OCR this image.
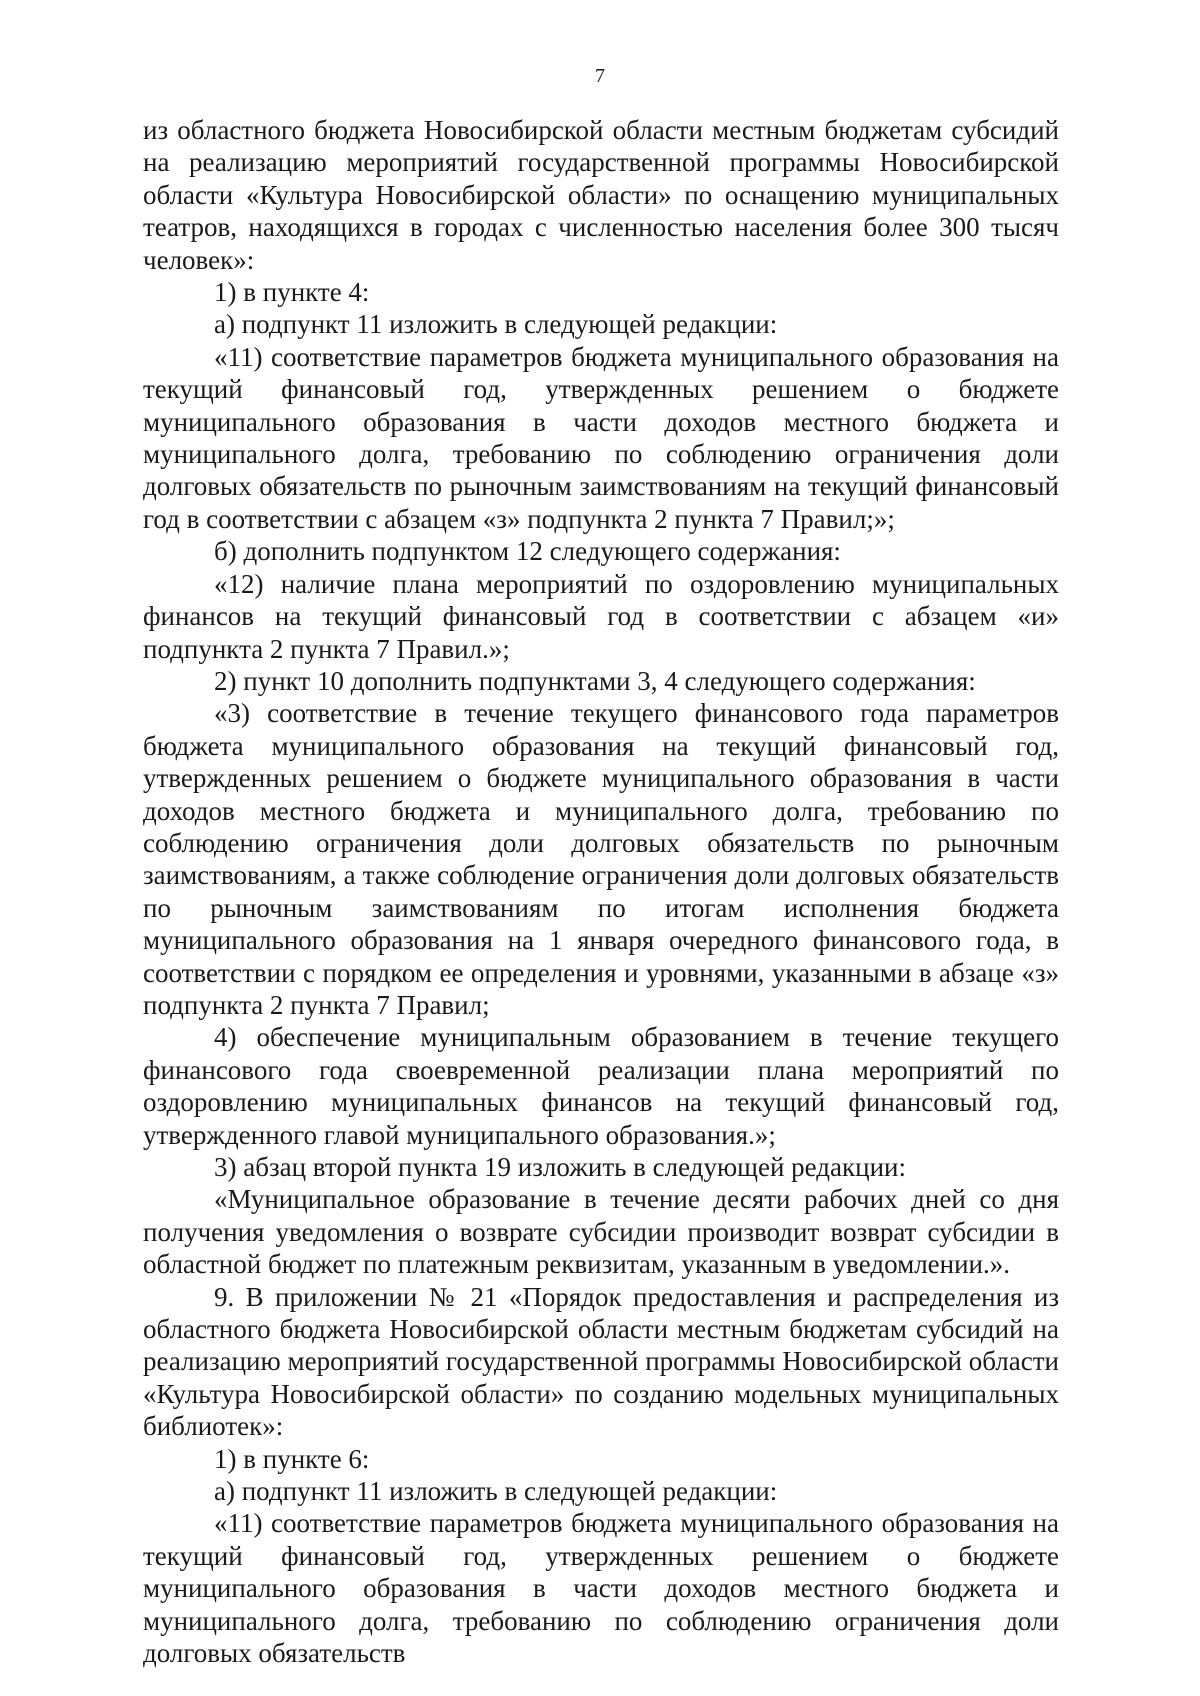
7

из областного бюджета Новосибирской области местным бюджетам субсидий на реализацию мероприятий государственной программы Новосибирской области «Культура Новосибирской области» по оснащению муниципальных театров, находящихся в городах с численностью населения более 300 тысяч человек»:

1) в пункте 4:

а) подпункт 11 изложить в следующей редакции:

«11) соответствие параметров бюджета муниципального образования на текущий финансовый год, утвержденных решением о бюджете муниципального образования в части доходов местного бюджета и муниципального долга, требованию по соблюдению ограничения доли долговых обязательств по рыночным заимствованиям на текущий финансовый год в соответствии с абзацем «з» подпункта 2 пункта 7 Правил;»;

б) дополнить подпунктом 12 следующего содержания:

«12) наличие плана мероприятий по оздоровлению муниципальных финансов на текущий финансовый год в соответствии с абзацем «и» подпункта 2 пункта 7 Правил.»;

2) пункт 10 дополнить подпунктами 3, 4 следующего содержания:

«3) соответствие в течение текущего финансового года параметров бюджета муниципального образования на текущий финансовый год, утвержденных решением о бюджете муниципального образования в части доходов местного бюджета и муниципального долга, требованию по соблюдению ограничения доли долговых обязательств по рыночным заимствованиям, а также соблюдение ограничения доли долговых обязательств по рыночным заимствованиям по итогам исполнения бюджета муниципального образования на 1 января очередного финансового года, в соответствии с порядком ее определения и уровнями, указанными в абзаце «з» подпункта 2 пункта 7 Правил;

4) обеспечение муниципальным образованием в течение текущего финансового года своевременной реализации плана мероприятий по оздоровлению муниципальных финансов на текущий финансовый год, утвержденного главой муниципального образования.»;

3) абзац второй пункта 19 изложить в следующей редакции:

«Муниципальное образование в течение десяти рабочих дней со дня получения уведомления о возврате субсидии производит возврат субсидии в областной бюджет по платежным реквизитам, указанным в уведомлении.».

9. В приложении № 21 «Порядок предоставления и распределения из областного бюджета Новосибирской области местным бюджетам субсидий на реализацию мероприятий государственной программы Новосибирской области «Культура Новосибирской области» по созданию модельных муниципальных библиотек»:

1) в пункте 6:

а) подпункт 11 изложить в следующей редакции:

«11) соответствие параметров бюджета муниципального образования на текущий финансовый год, утвержденных решением о бюджете муниципального образования в части доходов местного бюджета и муниципального долга, требованию по соблюдению ограничения доли долговых обязательств
